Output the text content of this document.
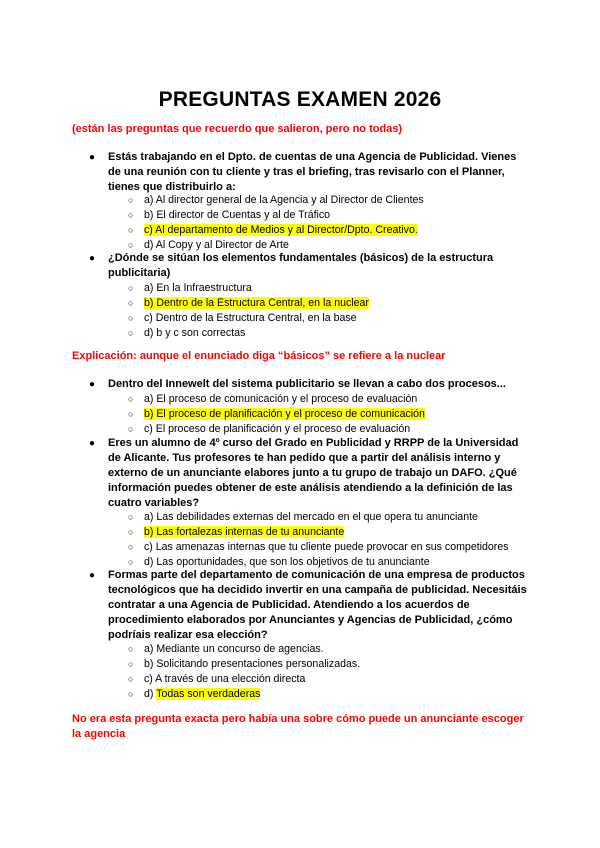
PREGUNTAS EXAMEN 2026
(están las preguntas que recuerdo que salieron, pero no todas)
● Estás trabajando en el Dpto. de cuentas de una Agencia de Publicidad. Vienes de una reunión con tu cliente y tras el briefing, tras revisarlo con el Planner, tienes que distribuirlo a:
○ a) Al director general de la Agencia y al Director de Clientes
○ b) El director de Cuentas y al de Tráfico
○ c) Al departamento de Medios y al Director/Dpto. Creativo.
○ d) Al Copy y al Director de Arte
● ¿Dónde se sitúan los elementos fundamentales (básicos) de la estructura publicitaria)
○ a) En la Infraestructura
○ b) Dentro de la Estructura Central, en la nuclear
○ c) Dentro de la Estructura Central, en la base
○ d) b y c son correctas
Explicación: aunque el enunciado diga “básicos” se refiere a la nuclear
● Dentro del Innewelt del sistema publicitario se llevan a cabo dos procesos...
○ a) El proceso de comunicación y el proceso de evaluación
○ b) El proceso de planificación y el proceso de comunicación
○ c) El proceso de planificación y el proceso de evaluación
● Eres un alumno de 4º curso del Grado en Publicidad y RRPP de la Universidad de Alicante. Tus profesores te han pedido que a partir del análisis interno y externo de un anunciante elabores junto a tu grupo de trabajo un DAFO. ¿Qué información puedes obtener de este análisis atendiendo a la definición de las cuatro variables?
○ a) Las debilidades externas del mercado en el que opera tu anunciante
○ b) Las fortalezas internas de tu anunciante
○ c) Las amenazas internas que tu cliente puede provocar en sus competidores
○ d) Las oportunidades, que son los objetivos de tu anunciante
● Formas parte del departamento de comunicación de una empresa de productos tecnológicos que ha decidido invertir en una campaña de publicidad. Necesitáis contratar a una Agencia de Publicidad. Atendiendo a los acuerdos de procedimiento elaborados por Anunciantes y Agencias de Publicidad, ¿cómo podríais realizar esa elección?
○ a) Mediante un concurso de agencias.
○ b) Solicitando presentaciones personalizadas.
○ c) A través de una elección directa
○ d) Todas son verdaderas
No era esta pregunta exacta pero había una sobre cómo puede un anunciante escoger la agencia
